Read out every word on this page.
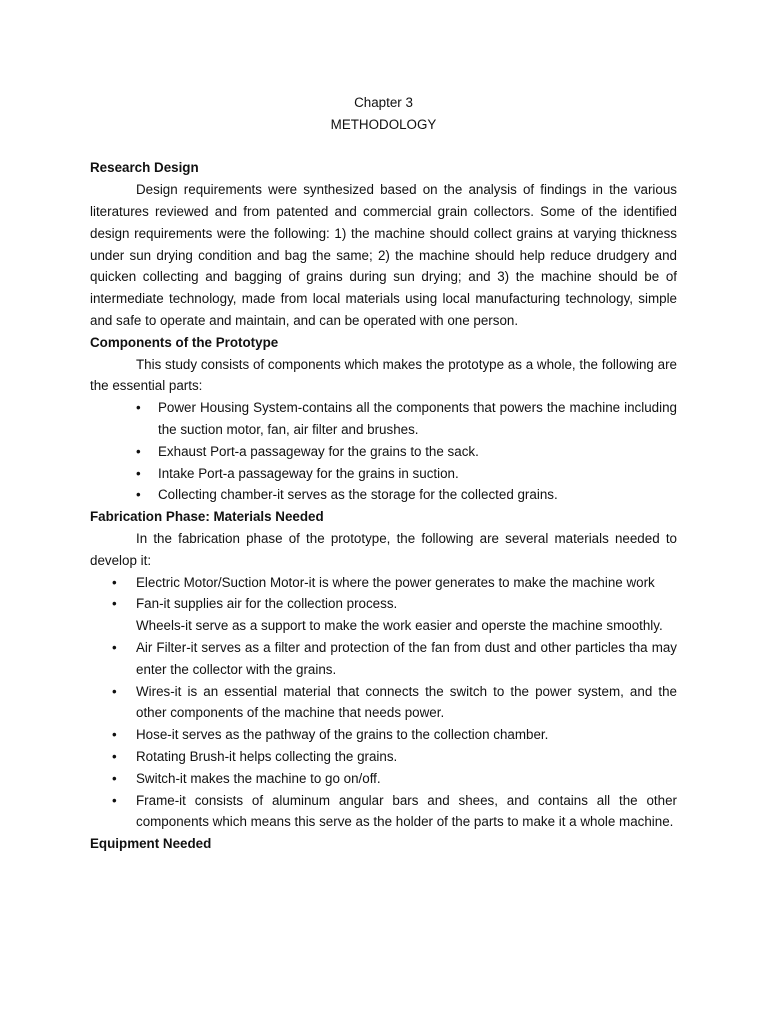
Chapter 3

METHODOLOGY

Research Design

Design requirements were synthesized based on the analysis of findings in the various literatures reviewed and from patented and commercial grain collectors. Some of the identified design requirements were the following: 1) the machine should collect grains at varying thickness under sun drying condition and bag the same; 2) the machine should help reduce drudgery and quicken collecting and bagging of grains during sun drying; and 3) the machine should be of intermediate technology, made from local materials using local manufacturing technology, simple and safe to operate and maintain, and can be operated with one person.

Components of the Prototype

This study consists of components which makes the prototype as a whole, the following are the essential parts:

• Power Housing System-contains all the components that powers the machine including the suction motor, fan, air filter and brushes.
• Exhaust Port-a passageway for the grains to the sack.
• Intake Port-a passageway for the grains in suction.
• Collecting chamber-it serves as the storage for the collected grains.

Fabrication Phase: Materials Needed

In the fabrication phase of the prototype, the following are several materials needed to develop it:

• Electric Motor/Suction Motor-it is where the power generates to make the machine work
• Fan-it supplies air for the collection process.

Wheels-it serve as a support to make the work easier and operste the machine smoothly.

• Air Filter-it serves as a filter and protection of the fan from dust and other particles tha may enter the collector with the grains.
• Wires-it is an essential material that connects the switch to the power system, and the other components of the machine that needs power.
• Hose-it serves as the pathway of the grains to the collection chamber.
• Rotating Brush-it helps collecting the grains.
• Switch-it makes the machine to go on/off.
• Frame-it consists of aluminum angular bars and shees, and contains all the other components which means this serve as the holder of the parts to make it a whole machine.

Equipment Needed
